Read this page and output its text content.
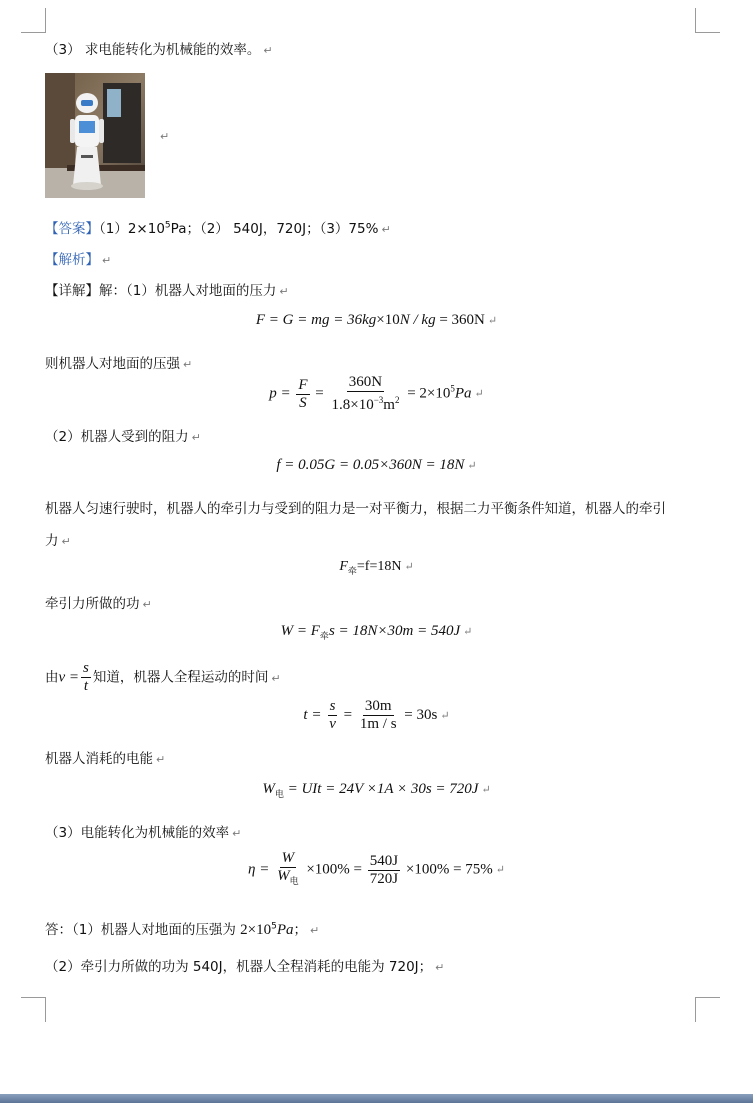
（3） 求电能转化为机械能的效率。 ↵
↵
【答案】$(1)2\times 10^5Pa$；（2） 540J，720J；（3）75% ↵
【解析】 ↵
【详解】解：（1）机器人对地面的压力 ↵
F = G = mg = 36kg×10N / kg = 360N ↵
则机器人对地面的压强 ↵
$p = \frac{F}{S} = \frac{360N}{1.8\times 10^{-3}m^2} = 2\times 10^5Pa$ ↵
（2）机器人受到的阻力 ↵
f = 0.05G = 0.05×360N = 18N ↵
机器人匀速行驶时，机器人的牵引力与受到的阻力是一对平衡力，根据二力平衡条件知道，机器人的牵引
力 ↵
$F_牵=f=18N$ ↵
牵引力所做的功 ↵
$W = F_牵s = 18N\times 30m = 540J$ ↵
由$v = \frac{s}{t}$ 知道，机器人全程运动的时间 ↵
$t = \frac{s}{v} = \frac{30m}{1m / s} = 30s$ ↵
机器人消耗的电能 ↵
$W_电$ = UIt = 24V ×1A × 30s = 720J ↵
（3）电能转化为机械能的效率 ↵
$\eta = \frac{W}{W_电} \times 100\% = \frac{540J}{720J} \times 100\% = 75\%$ ↵
答：（1）机器人对地面的压强为 $2\times 10^5Pa$； ↵
（2）牵引力所做的功为 540J，机器人全程消耗的电能为 720J； ↵
